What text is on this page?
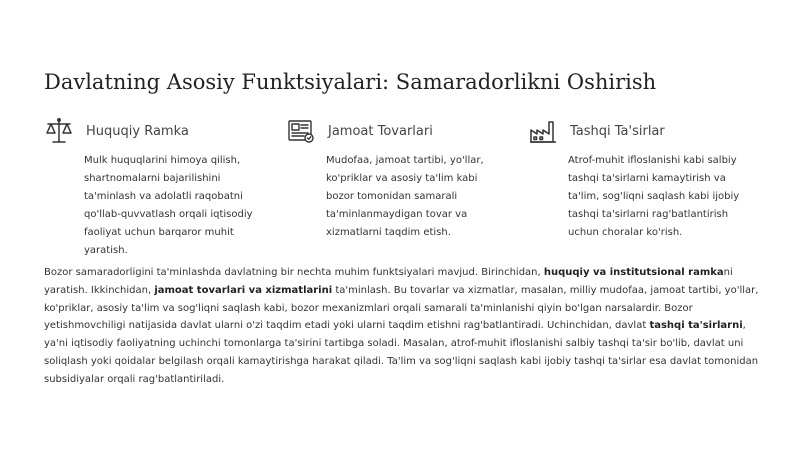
Davlatning Asosiy Funktsiyalari: Samaradorlikni Oshirish
Huquqiy Ramka
Mulk huquqlarini himoya qilish, shartnomalarni bajarilishini ta'minlash va adolatli raqobatni qo'llab-quvvatlash orqali iqtisodiy faoliyat uchun barqaror muhit yaratish.
Jamoat Tovarlari
Mudofaa, jamoat tartibi, yo'llar, ko'priklar va asosiy ta'lim kabi bozor tomonidan samarali ta'minlanmaydigan tovar va xizmatlarni taqdim etish.
Tashqi Ta'sirlar
Atrof-muhit ifloslanishi kabi salbiy tashqi ta'sirlarni kamaytirish va ta'lim, sog'liqni saqlash kabi ijobiy tashqi ta'sirlarni rag'batlantirish uchun choralar ko'rish.
Bozor samaradorligini ta'minlashda davlatning bir nechta muhim funktsiyalari mavjud. Birinchidan, huquqiy va institutsional ramkani yaratish. Ikkinchidan, jamoat tovarlari va xizmatlarini ta'minlash. Bu tovarlar va xizmatlar, masalan, milliy mudofaa, jamoat tartibi, yo'llar, ko'priklar, asosiy ta'lim va sog'liqni saqlash kabi, bozor mexanizmlari orqali samarali ta'minlanishi qiyin bo'lgan narsalardir. Bozor yetishmovchiligi natijasida davlat ularni o'zi taqdim etadi yoki ularni taqdim etishni rag'batlantiradi. Uchinchidan, davlat tashqi ta'sirlarni, ya'ni iqtisodiy faoliyatning uchinchi tomonlarga ta'sirini tartibga soladi. Masalan, atrof-muhit ifloslanishi salbiy tashqi ta'sir bo'lib, davlat uni soliqlash yoki qoidalar belgilash orqali kamaytirishga harakat qiladi. Ta'lim va sog'liqni saqlash kabi ijobiy tashqi ta'sirlar esa davlat tomonidan subsidiyalar orqali rag'batlantiriladi.
